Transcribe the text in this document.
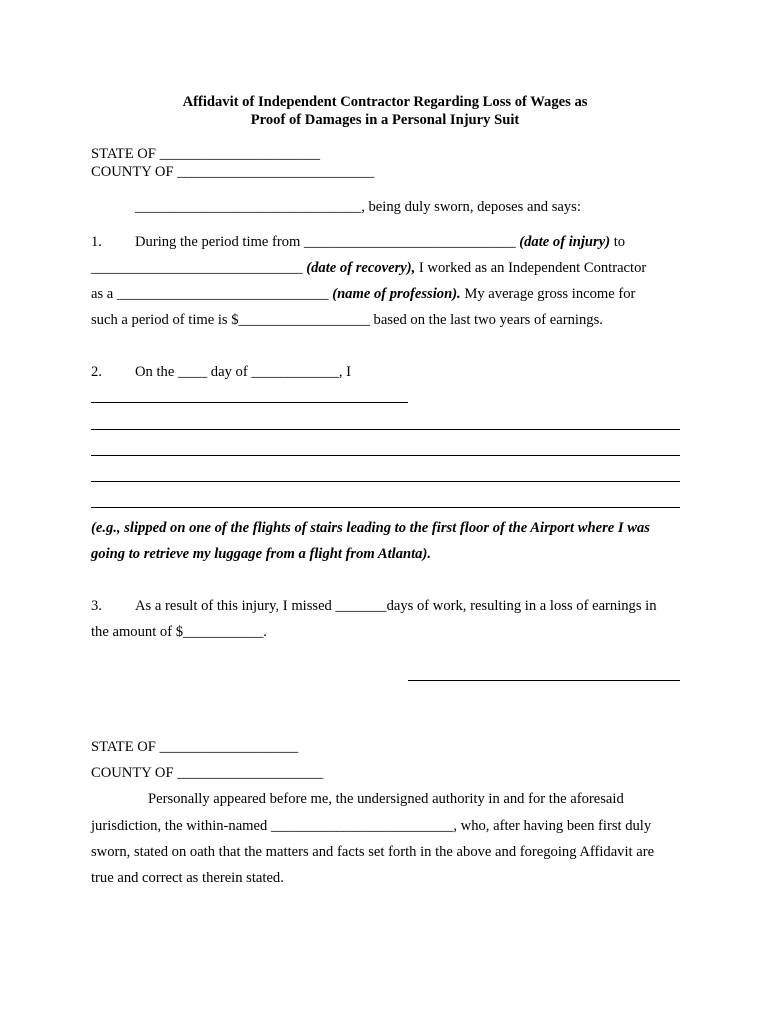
Affidavit of Independent Contractor Regarding Loss of Wages as
Proof of Damages in a Personal Injury Suit
STATE OF ______________________
COUNTY OF ___________________________
_______________________________, being duly sworn, deposes and says:
1. During the period time from _____________________________ (date of injury) to
_____________________________ (date of recovery), I worked as an Independent Contractor
as a _____________________________ (name of profession). My average gross income for
such a period of time is $__________________ based on the last two years of earnings.
2. On the ____ day of ____________, I
(e.g., slipped on one of the flights of stairs leading to the first floor of the Airport where I was
going to retrieve my luggage from a flight from Atlanta).
3. As a result of this injury, I missed _______days of work, resulting in a loss of earnings in
the amount of $___________.
STATE OF ___________________
COUNTY OF ____________________
Personally appeared before me, the undersigned authority in and for the aforesaid
jurisdiction, the within-named _________________________, who, after having been first duly
sworn, stated on oath that the matters and facts set forth in the above and foregoing Affidavit are
true and correct as therein stated.
